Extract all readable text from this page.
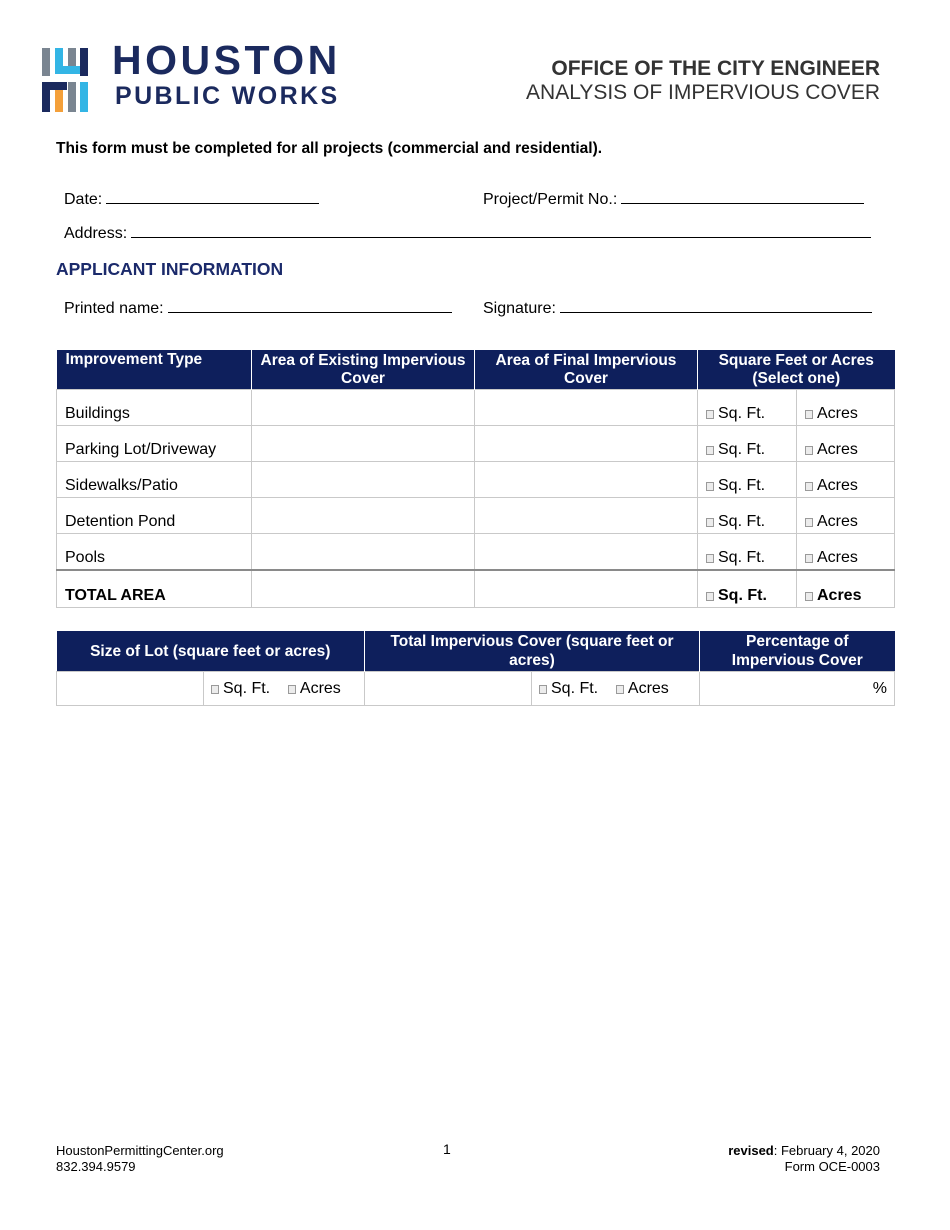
HOUSTON
PUBLIC WORKS
OFFICE OF THE CITY ENGINEER
ANALYSIS OF IMPERVIOUS COVER
This form must be completed for all projects (commercial and residential).
Date:	Project/Permit No.:
Address:
APPLICANT INFORMATION
Printed name:	Signature:
Improvement Type	Area of Existing Impervious Cover	Area of Final Impervious Cover	Square Feet or Acres (Select one)	
Buildings			Sq. Ft.	Acres
Parking Lot/Driveway			Sq. Ft.	Acres
Sidewalks/Patio			Sq. Ft.	Acres
Detention Pond			Sq. Ft.	Acres
Pools			Sq. Ft.	Acres
TOTAL AREA			Sq. Ft.	Acres
Size of Lot (square feet or acres)		Total Impervious Cover (square feet or acres)		Percentage of Impervious Cover
	Sq. Ft. Acres		Sq. Ft. Acres	%
HoustonPermittingCenter.org
832.394.9579
1	revised: February 4, 2020
Form OCE-0003
